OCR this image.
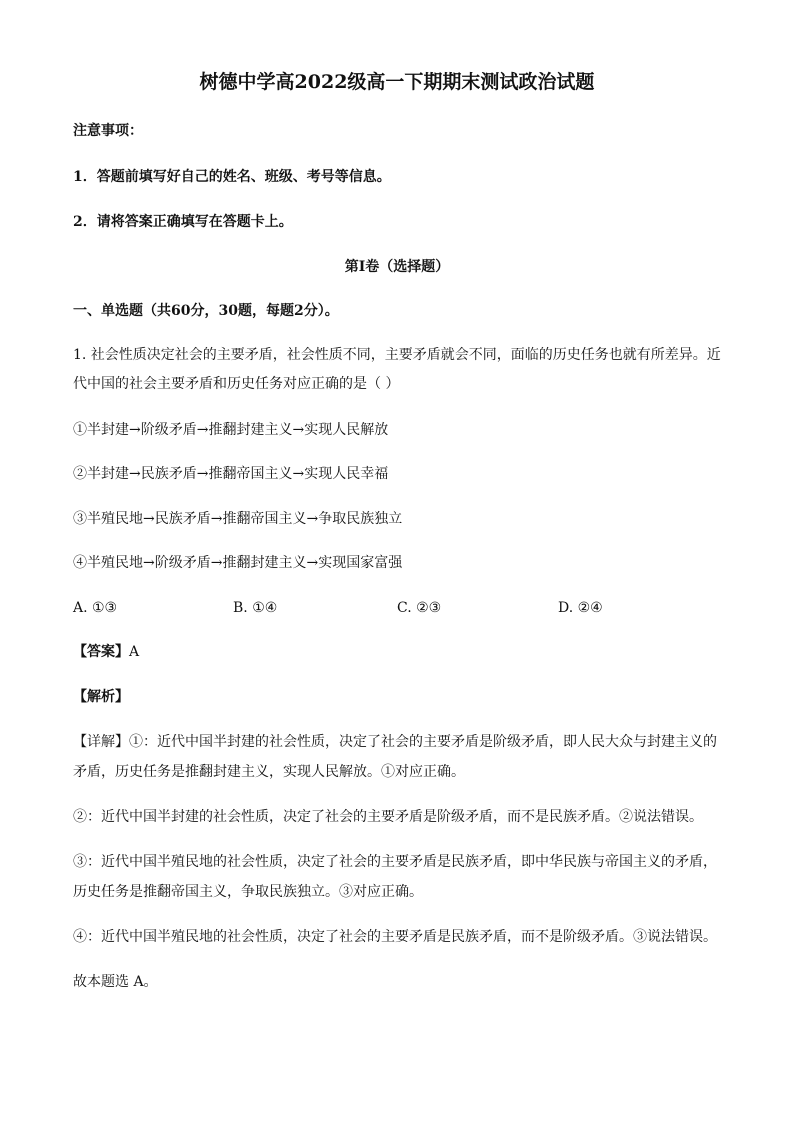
树德中学高2022级高一下期期末测试政治试题
注意事项：
1．答题前填写好自己的姓名、班级、考号等信息。
2．请将答案正确填写在答题卡上。
第I卷（选择题）
一、单选题（共60分，30题，每题2分）。
1. 社会性质决定社会的主要矛盾，社会性质不同，主要矛盾就会不同，面临的历史任务也就有所差异。近
代中国的社会主要矛盾和历史任务对应正确的是（ ）
①半封建→阶级矛盾→推翻封建主义→实现人民解放
②半封建→民族矛盾→推翻帝国主义→实现人民幸福
③半殖民地→民族矛盾→推翻帝国主义→争取民族独立
④半殖民地→阶级矛盾→推翻封建主义→实现国家富强
A. ①③	B. ①④	C. ②③	D. ②④
【答案】A
【解析】
【详解】①：近代中国半封建的社会性质，决定了社会的主要矛盾是阶级矛盾，即人民大众与封建主义的
矛盾，历史任务是推翻封建主义，实现人民解放。①对应正确。
②：近代中国半封建的社会性质，决定了社会的主要矛盾是阶级矛盾，而不是民族矛盾。②说法错误。
③：近代中国半殖民地的社会性质，决定了社会的主要矛盾是民族矛盾，即中华民族与帝国主义的矛盾，
历史任务是推翻帝国主义，争取民族独立。③对应正确。
④：近代中国半殖民地的社会性质，决定了社会的主要矛盾是民族矛盾，而不是阶级矛盾。③说法错误。
故本题选 A。
